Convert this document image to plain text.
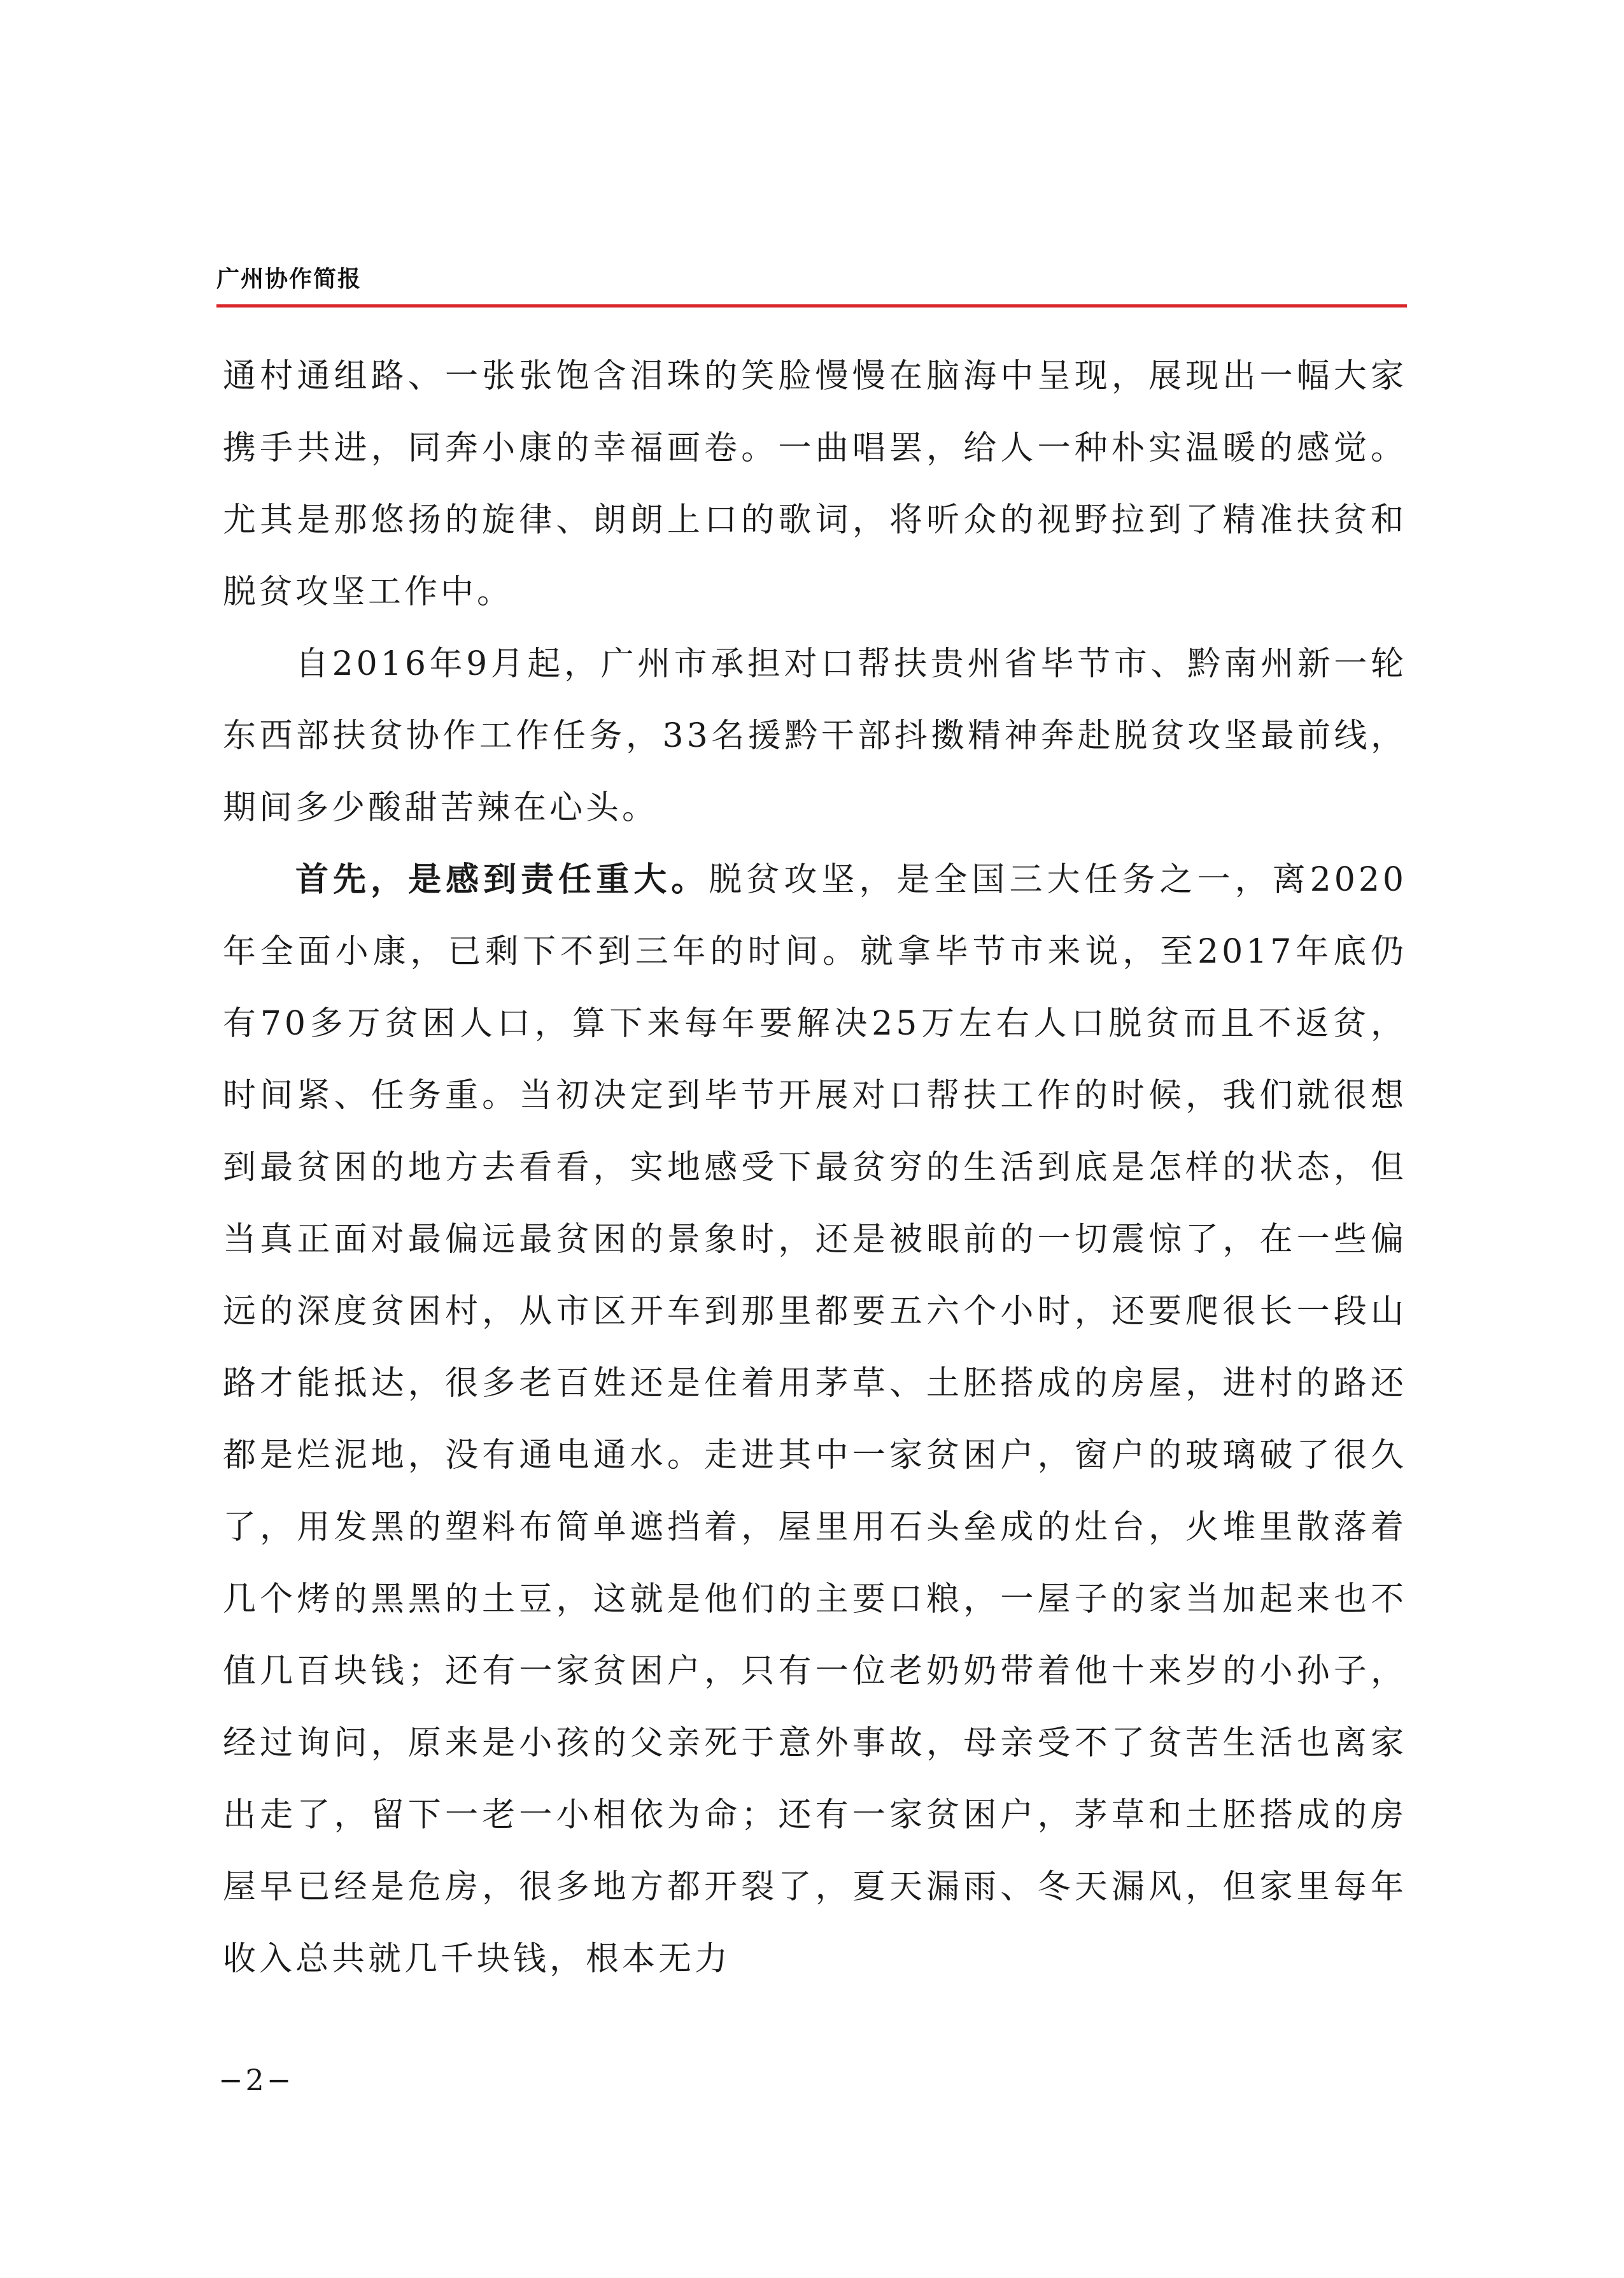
广州协作简报

通村通组路、一张张饱含泪珠的笑脸慢慢在脑海中呈现，展现出一幅大家携手共进，同奔小康的幸福画卷。一曲唱罢，给人一种朴实温暖的感觉。尤其是那悠扬的旋律、朗朗上口的歌词，将听众的视野拉到了精准扶贫和脱贫攻坚工作中。

自2016年9月起，广州市承担对口帮扶贵州省毕节市、黔南州新一轮东西部扶贫协作工作任务，33名援黔干部抖擞精神奔赴脱贫攻坚最前线，期间多少酸甜苦辣在心头。

首先，是感到责任重大。脱贫攻坚，是全国三大任务之一，离2020年全面小康，已剩下不到三年的时间。就拿毕节市来说，至2017年底仍有70多万贫困人口，算下来每年要解决25万左右人口脱贫而且不返贫，时间紧、任务重。当初决定到毕节开展对口帮扶工作的时候，我们就很想到最贫困的地方去看看，实地感受下最贫穷的生活到底是怎样的状态，但当真正面对最偏远最贫困的景象时，还是被眼前的一切震惊了，在一些偏远的深度贫困村，从市区开车到那里都要五六个小时，还要爬很长一段山路才能抵达，很多老百姓还是住着用茅草、土胚搭成的房屋，进村的路还都是烂泥地，没有通电通水。走进其中一家贫困户，窗户的玻璃破了很久了，用发黑的塑料布简单遮挡着，屋里用石头垒成的灶台，火堆里散落着几个烤的黑黑的土豆，这就是他们的主要口粮，一屋子的家当加起来也不值几百块钱；还有一家贫困户，只有一位老奶奶带着他十来岁的小孙子，经过询问，原来是小孩的父亲死于意外事故，母亲受不了贫苦生活也离家出走了，留下一老一小相依为命；还有一家贫困户，茅草和土胚搭成的房屋早已经是危房，很多地方都开裂了，夏天漏雨、冬天漏风，但家里每年收入总共就几千块钱，根本无力

−2−
